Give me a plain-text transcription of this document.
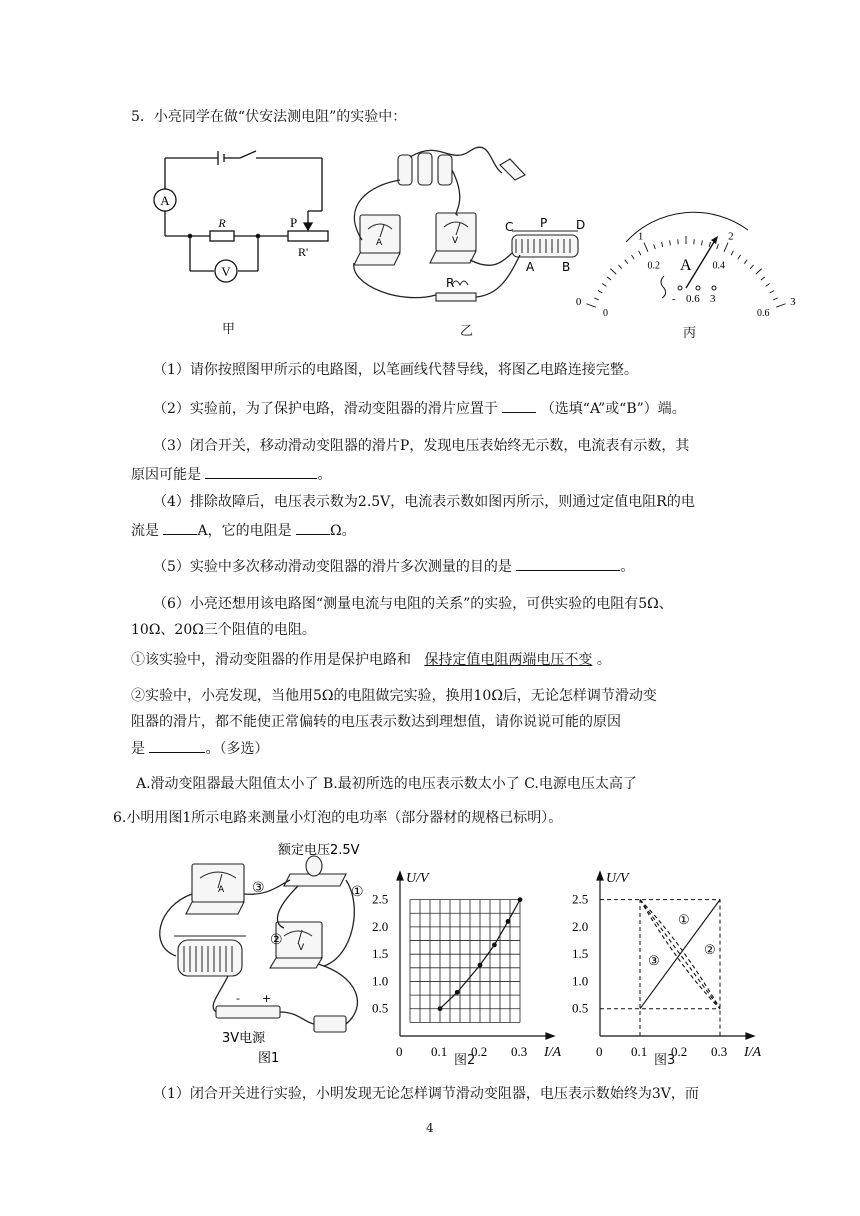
5．小亮同学在做“伏安法测电阻”的实验中：
A
V
R	P
R'
A	V
R
C P D
A B
0
1	2
3
0
0.2	0.4
0.6
A
- 0.6 3
甲	乙	丙
（1）请你按照图甲所示的电路图，以笔画线代替导线，将图乙电路连接完整。
（2）实验前，为了保护电路，滑动变阻器的滑片应置于	（选填“A”或“B”）端。
（3）闭合开关，移动滑动变阻器的滑片P，发现电压表始终无示数，电流表有示数，其
原因可能是	。
（4）排除故障后，电压表示数为2.5V，电流表示数如图丙所示，则通过定值电阻R的电
流是	A，它的电阻是	Ω。
（5）实验中多次移动滑动变阻器的滑片多次测量的目的是	。
（6）小亮还想用该电路图“测量电流与电阻的关系”的实验，可供实验的电阻有5Ω、
10Ω、20Ω三个阻值的电阻。
①该实验中，滑动变阻器的作用是保护电路和 保持定值电阻两端电压不变 。
②实验中，小亮发现，当他用5Ω的电阻做完实验，换用10Ω后，无论怎样调节滑动变
阻器的滑片，都不能使正常偏转的电压表示数达到理想值，请你说说可能的原因
是	。（多选）
A.滑动变阻器最大阻值太小了 B.最初所选的电压表示数太小了 C.电源电压太高了
6.小明用图1所示电路来测量小灯泡的电功率（部分器材的规格已标明）。
A
V
③	①
②
额定电压2.5V
- +
3V电源
图1	0 0.1 0.2 0.3
0.5
1.0
1.5
2.0
2.5
I/A
U/V
图2
0 0.1 0.2 0.3
0.5
1.0
1.5
2.0
2.5
I/A
U/V
①
②
③
图3
（1）闭合开关进行实验，小明发现无论怎样调节滑动变阻器，电压表示数始终为3V，而
4
